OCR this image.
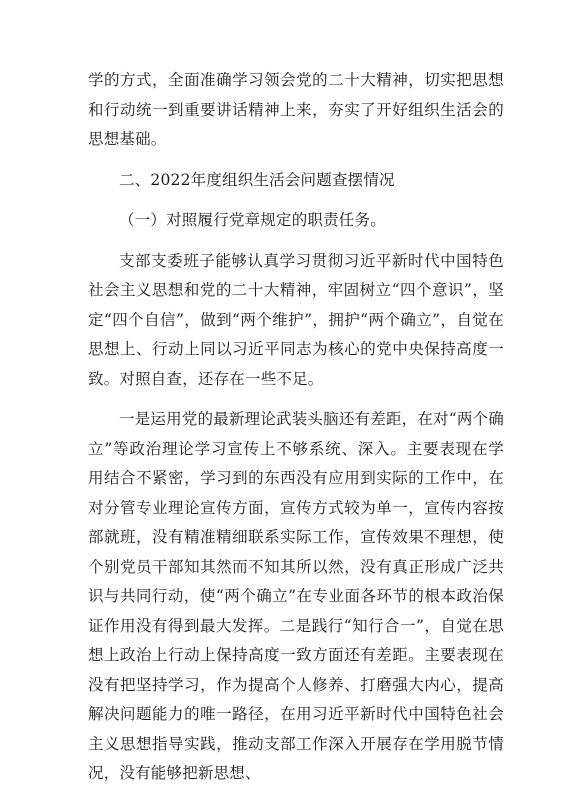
学的方式，全面准确学习领会党的二十大精神，切实把思想和行动统一到重要讲话精神上来，夯实了开好组织生活会的思想基础。

二、2022年度组织生活会问题查摆情况

（一）对照履行党章规定的职责任务。

支部支委班子能够认真学习贯彻习近平新时代中国特色社会主义思想和党的二十大精神，牢固树立“四个意识”，坚定“四个自信”，做到“两个维护”，拥护“两个确立”，自觉在思想上、行动上同以习近平同志为核心的党中央保持高度一致。对照自查，还存在一些不足。

一是运用党的最新理论武装头脑还有差距，在对“两个确立”等政治理论学习宣传上不够系统、深入。主要表现在学用结合不紧密，学习到的东西没有应用到实际的工作中，在对分管专业理论宣传方面，宣传方式较为单一，宣传内容按部就班，没有精准精细联系实际工作，宣传效果不理想，使个别党员干部知其然而不知其所以然，没有真正形成广泛共识与共同行动，使“两个确立”在专业面各环节的根本政治保证作用没有得到最大发挥。二是践行“知行合一”，自觉在思想上政治上行动上保持高度一致方面还有差距。主要表现在没有把坚持学习，作为提高个人修养、打磨强大内心，提高解决问题能力的唯一路径，在用习近平新时代中国特色社会主义思想指导实践，推动支部工作深入开展存在学用脱节情况，没有能够把新思想、
